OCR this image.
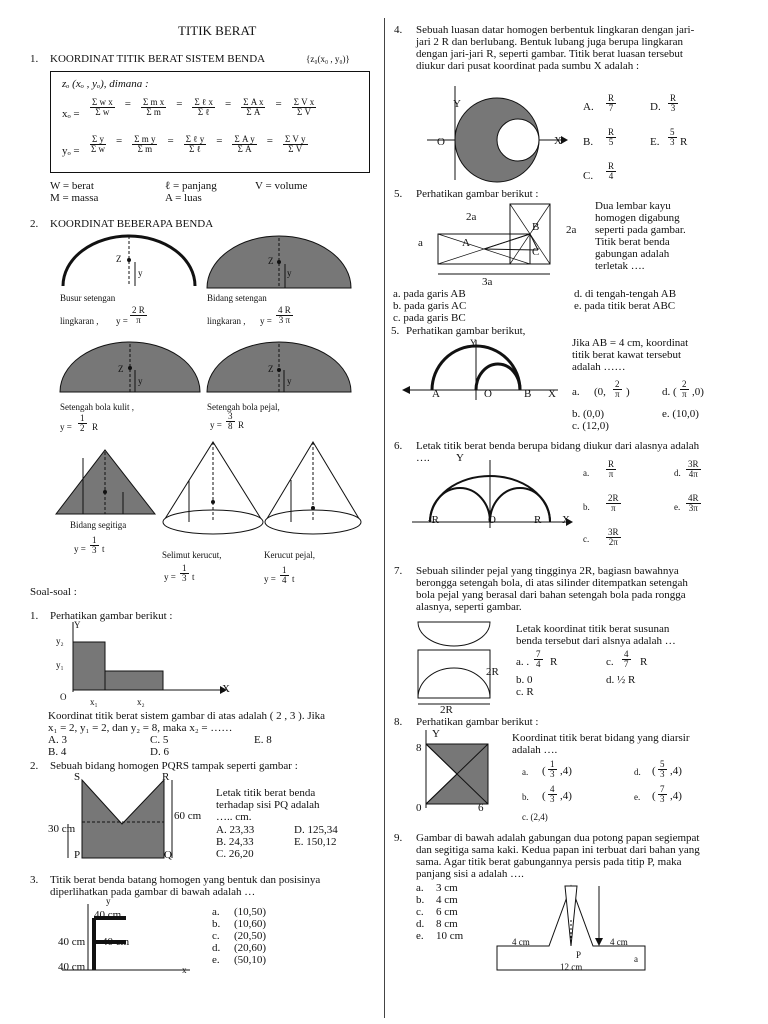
TITIK BERAT
1. KOORDINAT TITIK BERAT SISTEM BENDA	{z₀(x₀ , y₀)}
zₒ (xₒ , yₒ), dimana :
$x_o = \frac{\text{Σ w x}}{\text{Σ w}} = \frac{\text{Σ m x}}{\text{Σ m}} = \frac{\text{Σ ℓ x}}{\text{Σ ℓ}} = \frac{\text{Σ A x}}{\text{Σ A}} = \frac{\text{Σ V x}}{\text{Σ V}}$
$y_o = \frac{\text{Σ y}}{\text{Σ w}} = \frac{\text{Σ m y}}{\text{Σ m}} = \frac{\text{Σ ℓ y}}{\text{Σ ℓ}} = \frac{\text{Σ A y}}{\text{Σ A}} = \frac{\text{Σ V y}}{\text{Σ V}}$
W = berat	ℓ = panjang	V = volume
M = massa	A = luas
2. KOORDINAT BEBERAPA BENDA
Z
y
Z
y
Z
y
Z
y
Busur setengan
lingkaran , $y = \frac{2 R}{\pi}$
Bidang setengan
lingkaran , $y = \frac{4 R}{3 \pi}$
Setengah bola kulit ,
$y = \frac{1}{2}$ R
Setengah bola pejal,
$y = \frac{3}{8}$ R
Bidang segitiga
$y = \frac{1}{3}$ t
Selimut kerucut,
$y = \frac{1}{3}$ t
Kerucut pejal,
$y = \frac{1}{4}$ t
Soal-soal :
1. Perhatikan gambar berikut :
Y
X
O
y₂
y₁
x₁	x₂
Koordinat titik berat sistem gambar di atas adalah ( 2 , 3 ). Jika
x₁ = 2, y₁ = 2, dan y₂ = 8, maka x₂ = ……
A. 3	C. 5	E. 8
B. 4	D. 6
2. Sebuah bidang homogen PQRS tampak seperti gambar :
S	R
P	Q
60 cm
30 cm
Letak titik berat benda
terhadap sisi PQ adalah
….. cm.
A. 23,33	D. 125,34
B. 24,33	E. 150,12
C. 26,20
3. Titik berat benda batang homogen yang bentuk dan posisinya
diperlihatkan pada gambar di bawah adalah …
y
40 cm
40 cm 40 cm
40 cm	x
a. (10,50)
b. (10,60)
c. (20,50)
d. (20,60)
e. (50,10)
4. Sebuah luasan datar homogen berbentuk lingkaran dengan jari-
jari 2 R dan berlubang. Bentuk lubang juga berupa lingkaran
dengan jari-jari R, seperti gambar. Titik berat luasan tersebut
diukur dari pusat koordinat pada sumbu X adalah :
Y
X
O
A. $\frac{R}{7}$	D. $\frac{R}{3}$
B. $\frac{R}{5}$	E. $\frac{5}{3}$ R
C. $\frac{R}{4}$
5. Perhatikan gambar berikut :
2a
a
2a
A
B
C
3a
Dua lembar kayu
homogen digabung
seperti pada gambar.
Titik berat benda
gabungan adalah
terletak ….
a. pada garis AB	d. di tengah-tengah AB
b. pada garis AC	e. pada titik berat ABC
c. pada garis BC
5. Perhatikan gambar berikut,
Y
A	O	B X
Jika AB = 4 cm, koordinat
titik berat kawat tersebut
adalah ……
a. (0, $\frac{2}{\pi}$ )	d. ( $\frac{2}{\pi} ,0$)
b. (0,0)	e. (10,0)
c. (12,0)
6. Letak titik berat benda berupa bidang diukur dari alasnya adalah
…. Y
-R	O	R X
a. $\frac{R}{\pi}$	d. $\frac{3R}{4\pi}$
b. $\frac{2R}{\pi}$	e. $\frac{4R}{3\pi}$
c. $\frac{3R}{2\pi}$
7. Sebuah silinder pejal yang tingginya 2R, bagiasn bawahnya
berongga setengah bola, di atas silinder ditempatkan setengah
bola pejal yang berasal dari bahan setengah bola pada rongga
alasnya, seperti gambar.
2R
2R
Letak koordinat titik berat susunan
benda tersebut dari alsnya adalah …
a. . $\frac{7}{4}$ R	c. $\frac{4}{7}$ R
b. 0	d. ½ R
c. R
8. Perhatikan gambar berikut :
Y
8
0	6
Koordinat titik berat bidang yang diarsir
adalah ….
a. ( $\frac{1}{3} ,4$)	d. ( $\frac{5}{3} ,4$)
b. ( $\frac{4}{3} ,4$)	e. ( $\frac{7}{3} ,4$)
c. (2,4)
9. Gambar di bawah adalah gabungan dua potong papan segiempat
dan segitiga sama kaki. Kedua papan ini terbuat dari bahan yang
sama. Agar titik berat gabungannya persis pada titip P, maka
panjang sisi a adalah ….
a. 3 cm
b. 4 cm
c. 6 cm
d. 8 cm
e. 10 cm	4 cm	4 cm
P	a
12 cm
